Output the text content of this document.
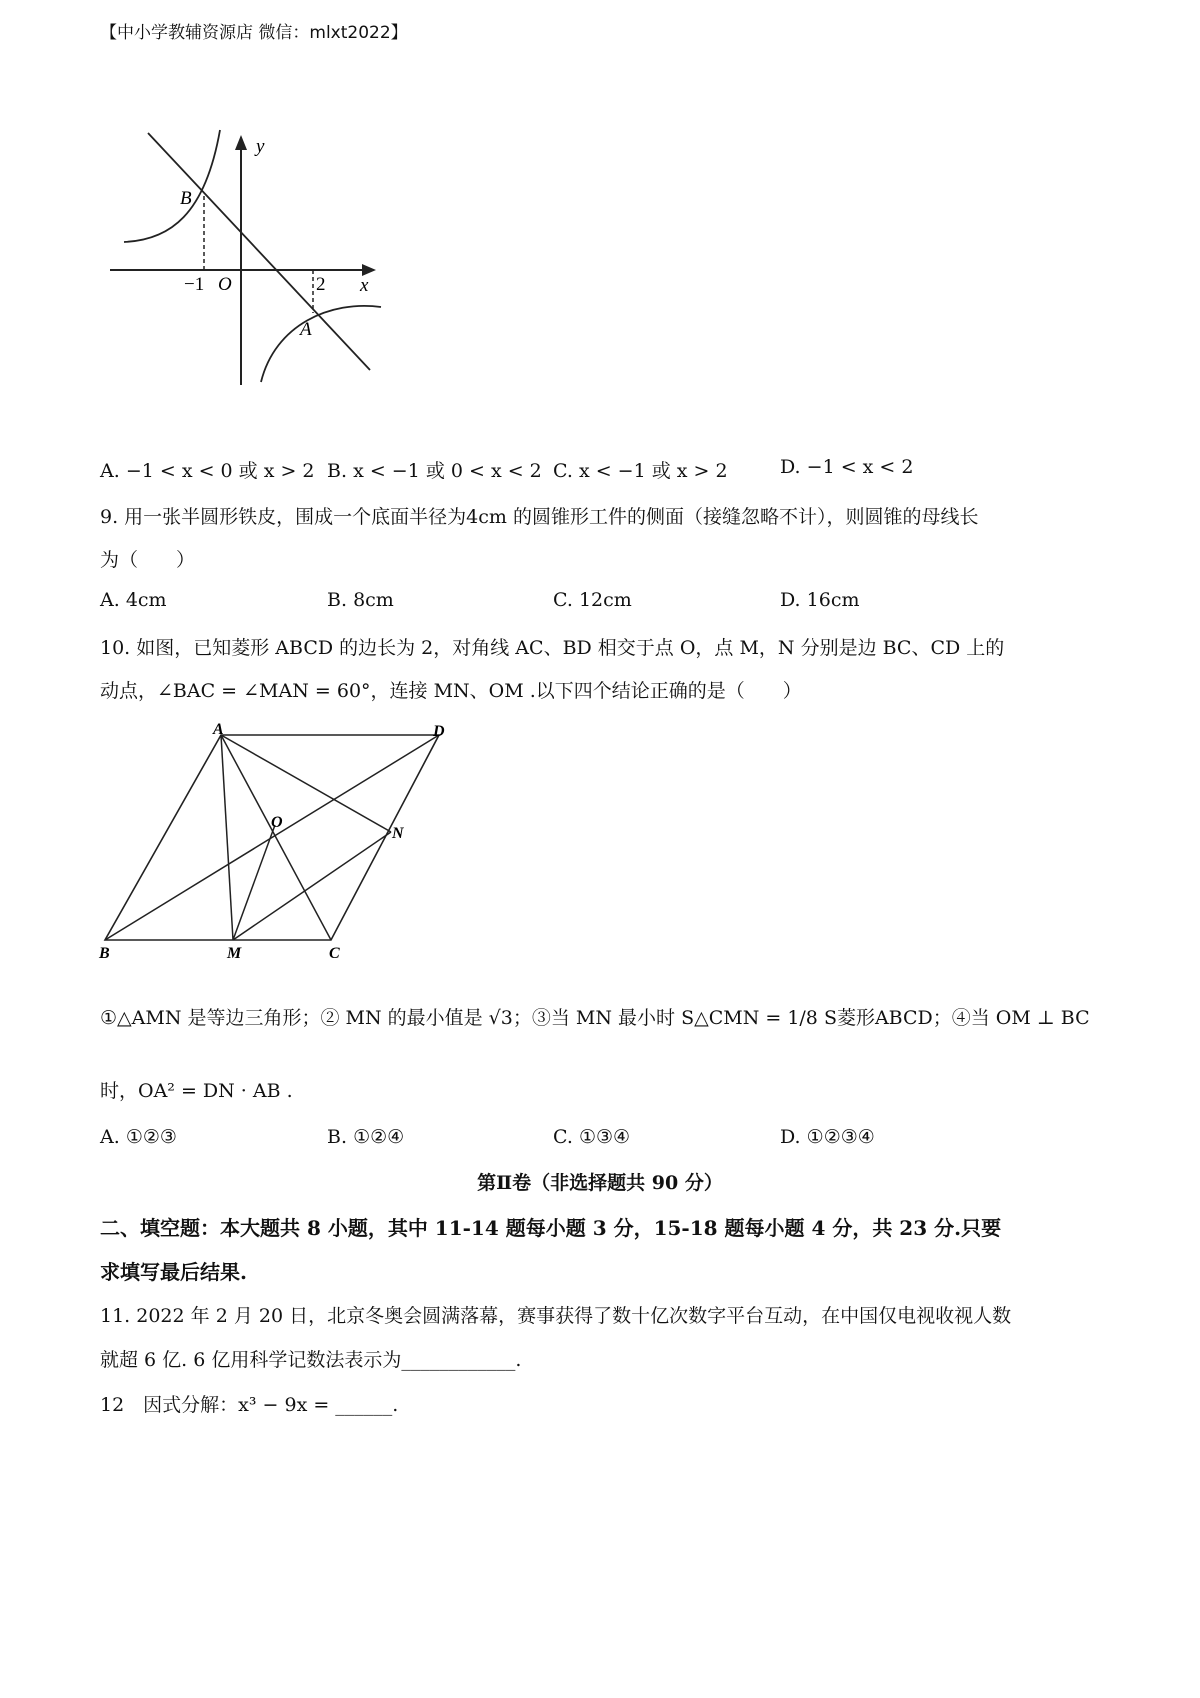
【中小学教辅资源店 微信：mlxt2022】
y
x
O
B
A
−1	2
A. −1 < x < 0 或 x > 2 B. x < −1 或 0 < x < 2 C. x < −1 或 x > 2	D. −1 < x < 2
9. 用一张半圆形铁皮，围成一个底面半径为4cm 的圆锥形工件的侧面（接缝忽略不计），则圆锥的母线长
为（　　）
A. 4cm	B. 8cm	C. 12cm	D. 16cm
10. 如图，已知菱形 ABCD 的边长为 2，对角线 AC、BD 相交于点 O，点 M，N 分别是边 BC、CD 上的
动点，∠BAC = ∠MAN = 60°，连接 MN、OM .以下四个结论正确的是（　　）
A	D
B	M	C
O
N
①△AMN 是等边三角形；② MN 的最小值是 √3；③当 MN 最小时 S△CMN = 1/8 S菱形ABCD；④当 OM ⊥ BC
时，OA² = DN · AB .
A. ①②③	B. ①②④	C. ①③④	D. ①②③④
第Ⅱ卷（非选择题共 90 分）
二、填空题：本大题共 8 小题，其中 11-14 题每小题 3 分，15-18 题每小题 4 分，共 23 分.只要
求填写最后结果.
11. 2022 年 2 月 20 日，北京冬奥会圆满落幕，赛事获得了数十亿次数字平台互动，在中国仅电视收视人数
就超 6 亿. 6 亿用科学记数法表示为____________.
12　因式分解：x³ − 9x = ______.
